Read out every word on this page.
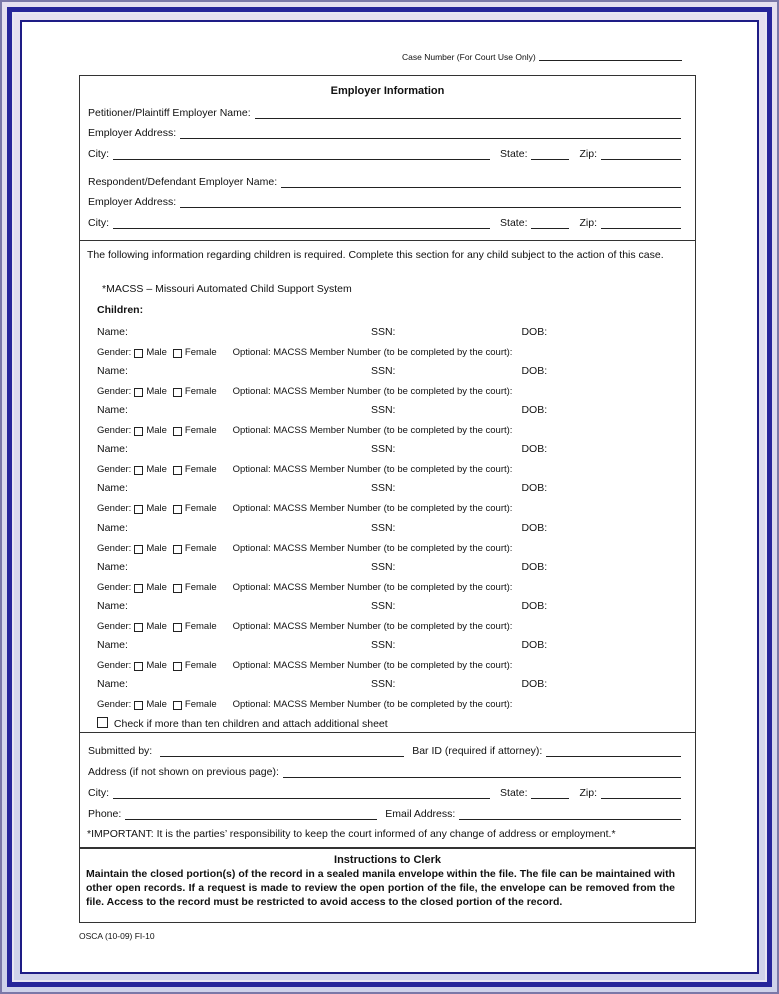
Case Number (For Court Use Only)
Employer Information
Petitioner/Plaintiff Employer Name:
Employer Address:
City:	State:	Zip:
Respondent/Defendant Employer Name:
Employer Address:
City:	State:	Zip:
The following information regarding children is required. Complete this section for any child subject to the action of this case.
*MACSS – Missouri Automated Child Support System
Children:
Name:	SSN:	DOB:
Gender: Male Female Optional: MACSS Member Number (to be completed by the court):
Name:	SSN:	DOB:
Gender: Male Female Optional: MACSS Member Number (to be completed by the court):
Name:	SSN:	DOB:
Gender: Male Female Optional: MACSS Member Number (to be completed by the court):
Name:	SSN:	DOB:
Gender: Male Female Optional: MACSS Member Number (to be completed by the court):
Name:	SSN:	DOB:
Gender: Male Female Optional: MACSS Member Number (to be completed by the court):
Name:	SSN:	DOB:
Gender: Male Female Optional: MACSS Member Number (to be completed by the court):
Name:	SSN:	DOB:
Gender: Male Female Optional: MACSS Member Number (to be completed by the court):
Name:	SSN:	DOB:
Gender: Male Female Optional: MACSS Member Number (to be completed by the court):
Name:	SSN:	DOB:
Gender: Male Female Optional: MACSS Member Number (to be completed by the court):
Name:	SSN:	DOB:
Gender: Male Female Optional: MACSS Member Number (to be completed by the court):
Check if more than ten children and attach additional sheet
Submitted by:	Bar ID (required if attorney):
Address (if not shown on previous page):
City:	State:	Zip:
Phone:	Email Address:
*IMPORTANT: It is the parties’ responsibility to keep the court informed of any change of address or employment.*
Instructions to Clerk
Maintain the closed portion(s) of the record in a sealed manila envelope within the file. The file can be maintained with other open records. If a request is made to review the open portion of the file, the envelope can be removed from the file. Access to the record must be restricted to avoid access to the closed portion of the record.
OSCA (10-09) FI-10
